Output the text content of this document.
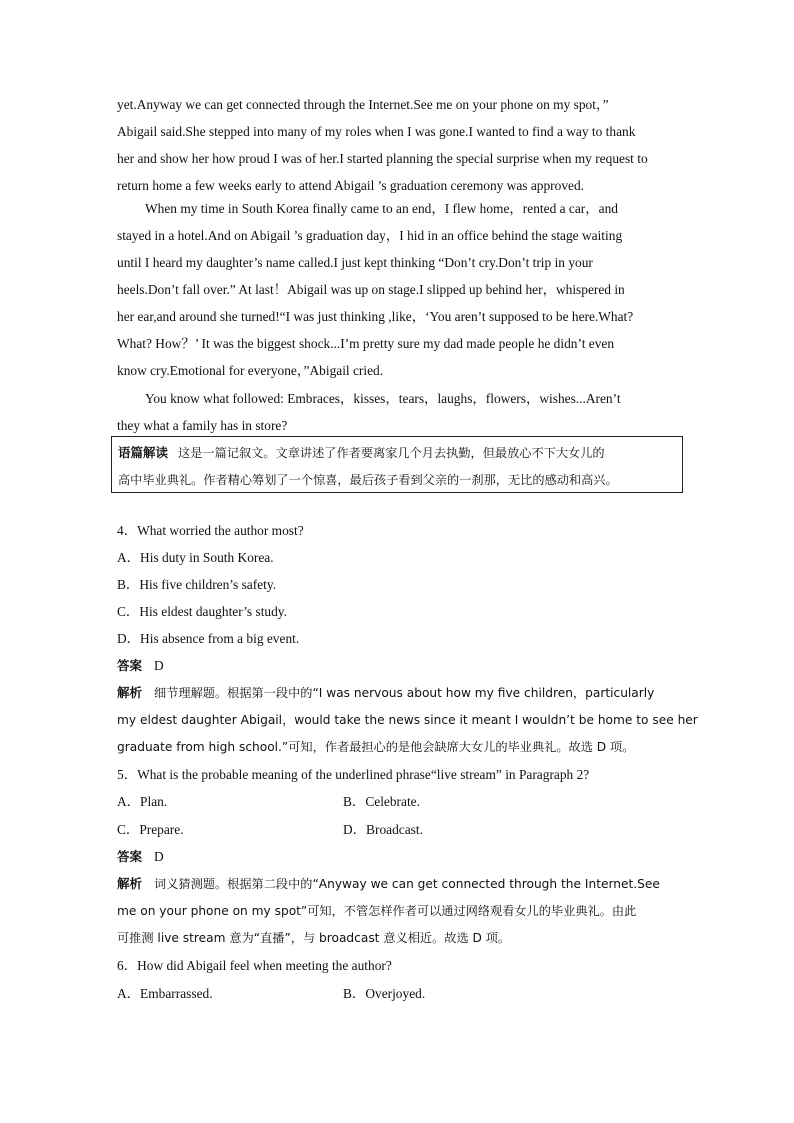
yet.Anyway we can get connected through the Internet.See me on your phone on my spot，”
Abigail said.She stepped into many of my roles when I was gone.I wanted to find a way to thank
her and show her how proud I was of her.I started planning the special surprise when my request to
return home a few weeks early to attend Abigail ’s graduation ceremony was approved.
When my time in South Korea finally came to an end，I flew home，rented a car，and
stayed in a hotel.And on Abigail ’s graduation day，I hid in an office behind the stage waiting
until I heard my daughter’s name called.I just kept thinking “Don’t cry.Don’t trip in your
heels.Don’t fall over.” At last！Abigail was up on stage.I slipped up behind her，whispered in
her ear,and around she turned!“I was just thinking ,like，‘You aren’t supposed to be here.What?
What? How？’ It was the biggest shock...I’m pretty sure my dad made people he didn’t even
know cry.Emotional for everyone，”Abigail cried.
You know what followed: Embraces，kisses，tears，laughs，flowers，wishes...Aren’t
they what a family has in store?
语篇解读 这是一篇记叙文。文章讲述了作者要离家几个月去执勤，但最放心不下大女儿的
高中毕业典礼。作者精心筹划了一个惊喜，最后孩子看到父亲的一刹那，无比的感动和高兴。
4．What worried the author most?
A．His duty in South Korea.
B．His five children’s safety.
C．His eldest daughter’s study.
D．His absence from a big event.
答案 D
解析 细节理解题。根据第一段中的“I was nervous about how my five children，particularly
my eldest daughter Abigail，would take the news since it meant I wouldn’t be home to see her
graduate from high school.”可知，作者最担心的是他会缺席大女儿的毕业典礼。故选 D 项。
5．What is the probable meaning of the underlined phrase“live stream” in Paragraph 2?
A．Plan.	B．Celebrate.
C．Prepare.	D．Broadcast.
答案 D
解析 词义猜测题。根据第二段中的“Anyway we can get connected through the Internet.See
me on your phone on my spot”可知，不管怎样作者可以通过网络观看女儿的毕业典礼。由此
可推测 live stream 意为“直播”，与 broadcast 意义相近。故选 D 项。
6．How did Abigail feel when meeting the author?
A．Embarrassed.	B．Overjoyed.
